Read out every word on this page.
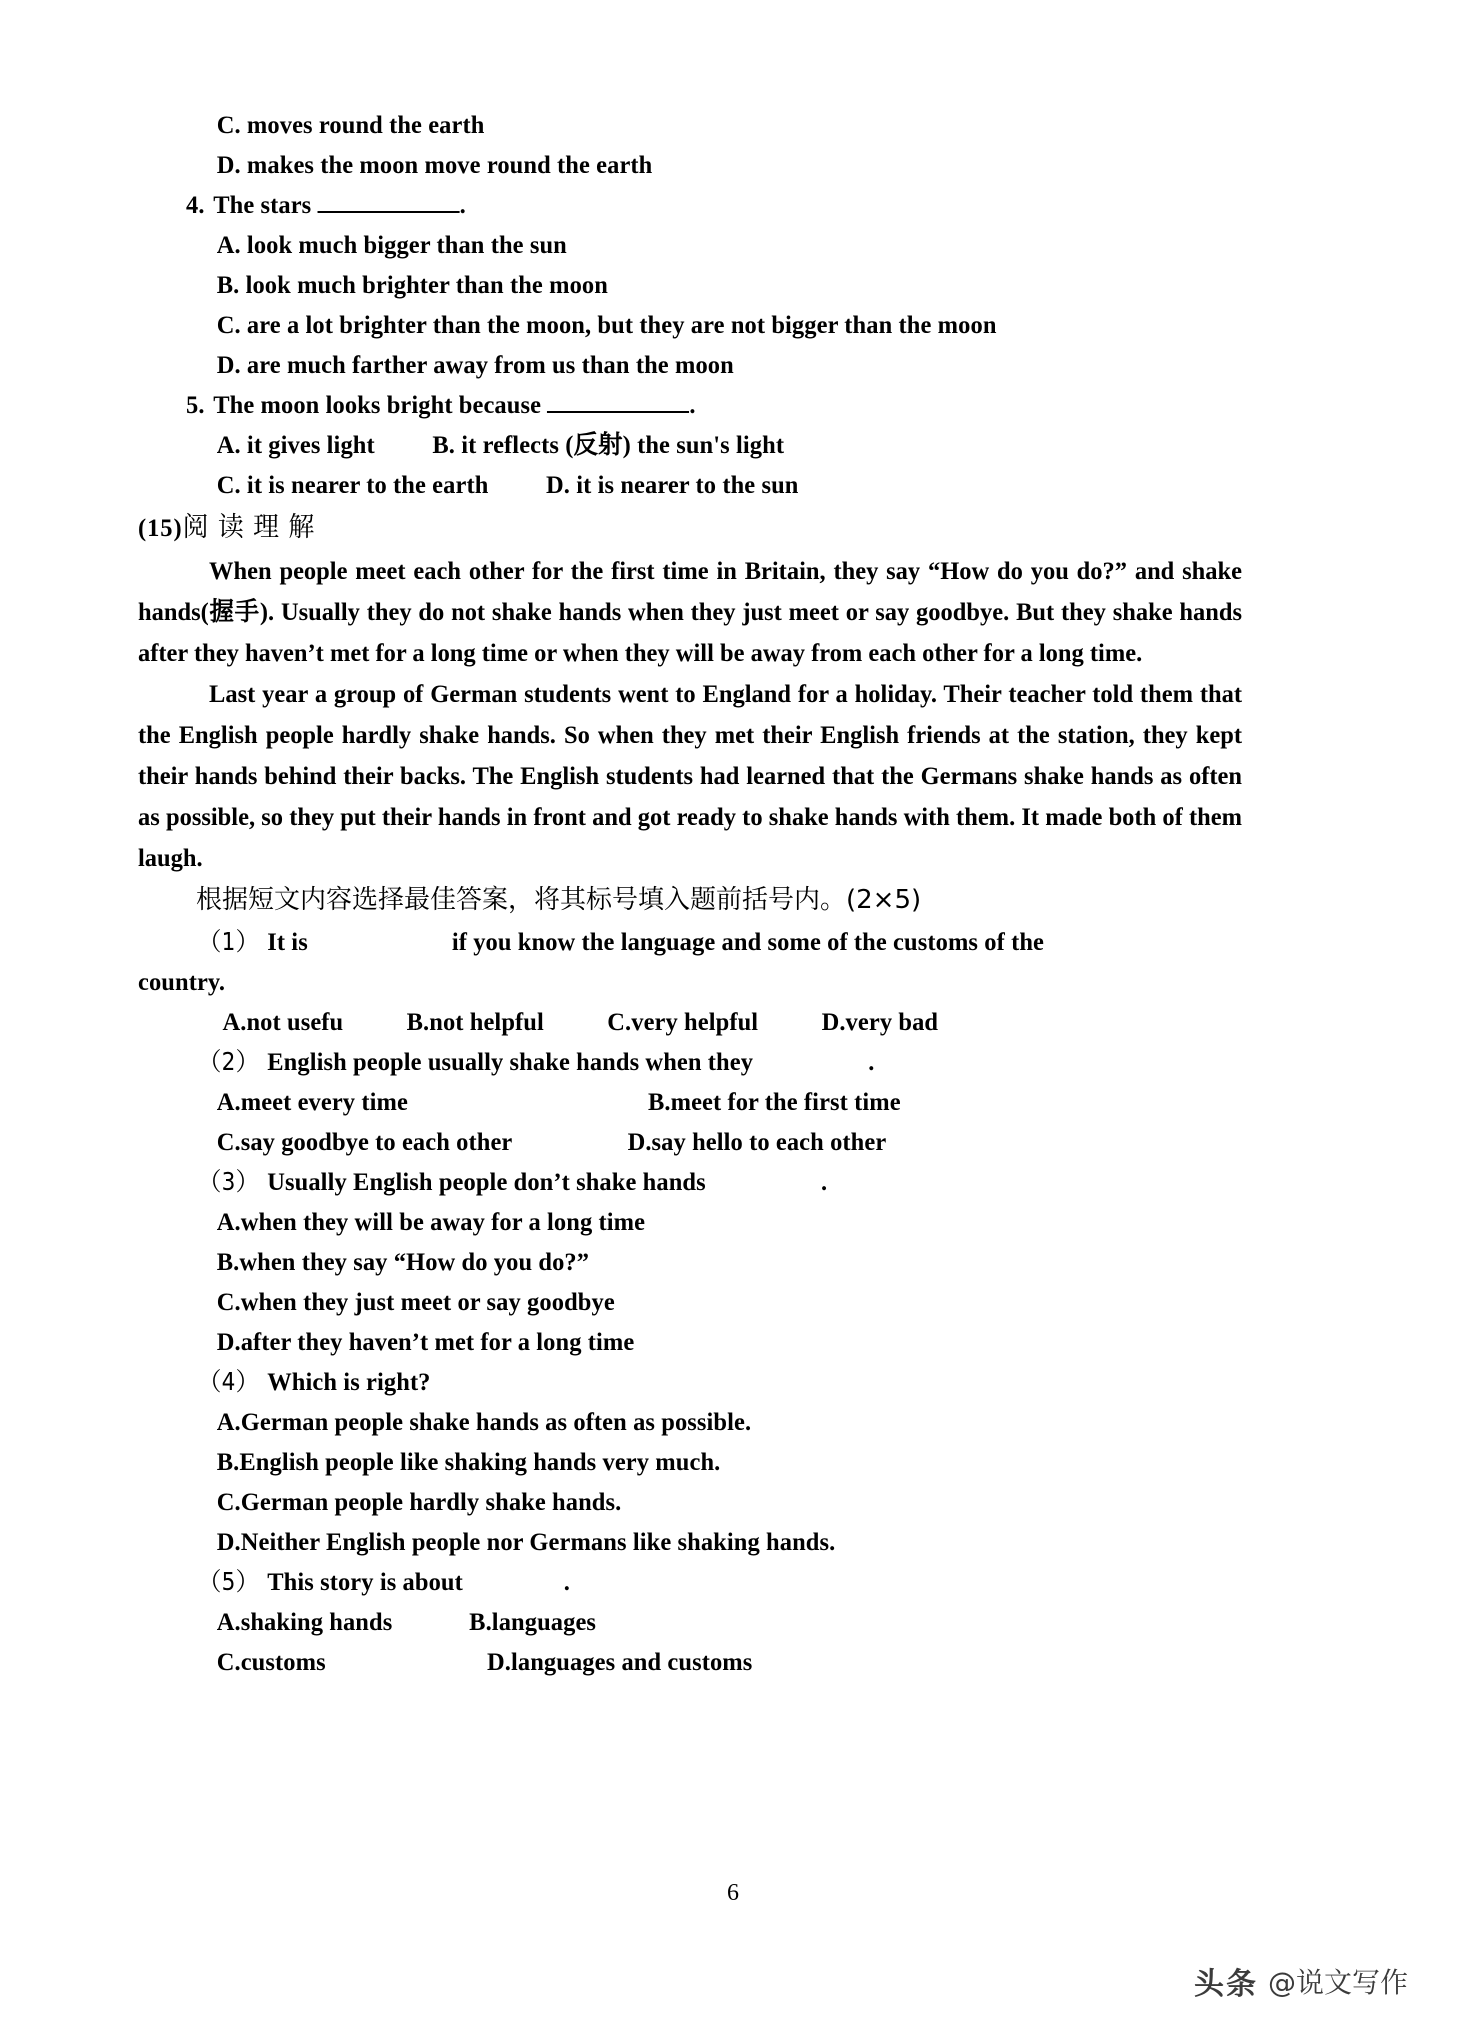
C. moves round the earth
D. makes the moon move round the earth
4. The stars	.
A. look much bigger than the sun
B. look much brighter than the moon
C. are a lot brighter than the moon, but they are not bigger than the moon
D. are much farther away from us than the moon
5. The moon looks bright because	.
A. it gives light B. it reflects (反射) the sun's light
C. it is nearer to the earth D. it is nearer to the sun
(15)阅 读 理 解
When people meet each other for the first time in Britain, they say “How do you do?” and shake hands(握手). Usually they do not shake hands when they just meet or say goodbye. But they shake hands after they haven’t met for a long time or when they will be away from each other for a long time.
Last year a group of German students went to England for a holiday. Their teacher told them that the English people hardly shake hands. So when they met their English friends at the station, they kept their hands behind their backs. The English students had learned that the Germans shake hands as often as possible, so they put their hands in front and got ready to shake hands with them. It made both of them laugh.
根据短文内容选择最佳答案，将其标号填入题前括号内。(2×5)
（1） It is	if you know the language and some of the customs of the
country.
A.not usefu B.not helpful C.very helpful D.very bad
（2） English people usually shake hands when they	.
A.meet every time	B.meet for the first time
C.say goodbye to each other	D.say hello to each other
（3） Usually English people don’t shake hands	.
A.when they will be away for a long time
B.when they say “How do you do?”
C.when they just meet or say goodbye
D.after they haven’t met for a long time
（4） Which is right?
A.German people shake hands as often as possible.
B.English people like shaking hands very much.
C.German people hardly shake hands.
D.Neither English people nor Germans like shaking hands.
（5） This story is about	.
A.shaking hands	B.languages
C.customs	D.languages and customs
6
头条 @说文写作
